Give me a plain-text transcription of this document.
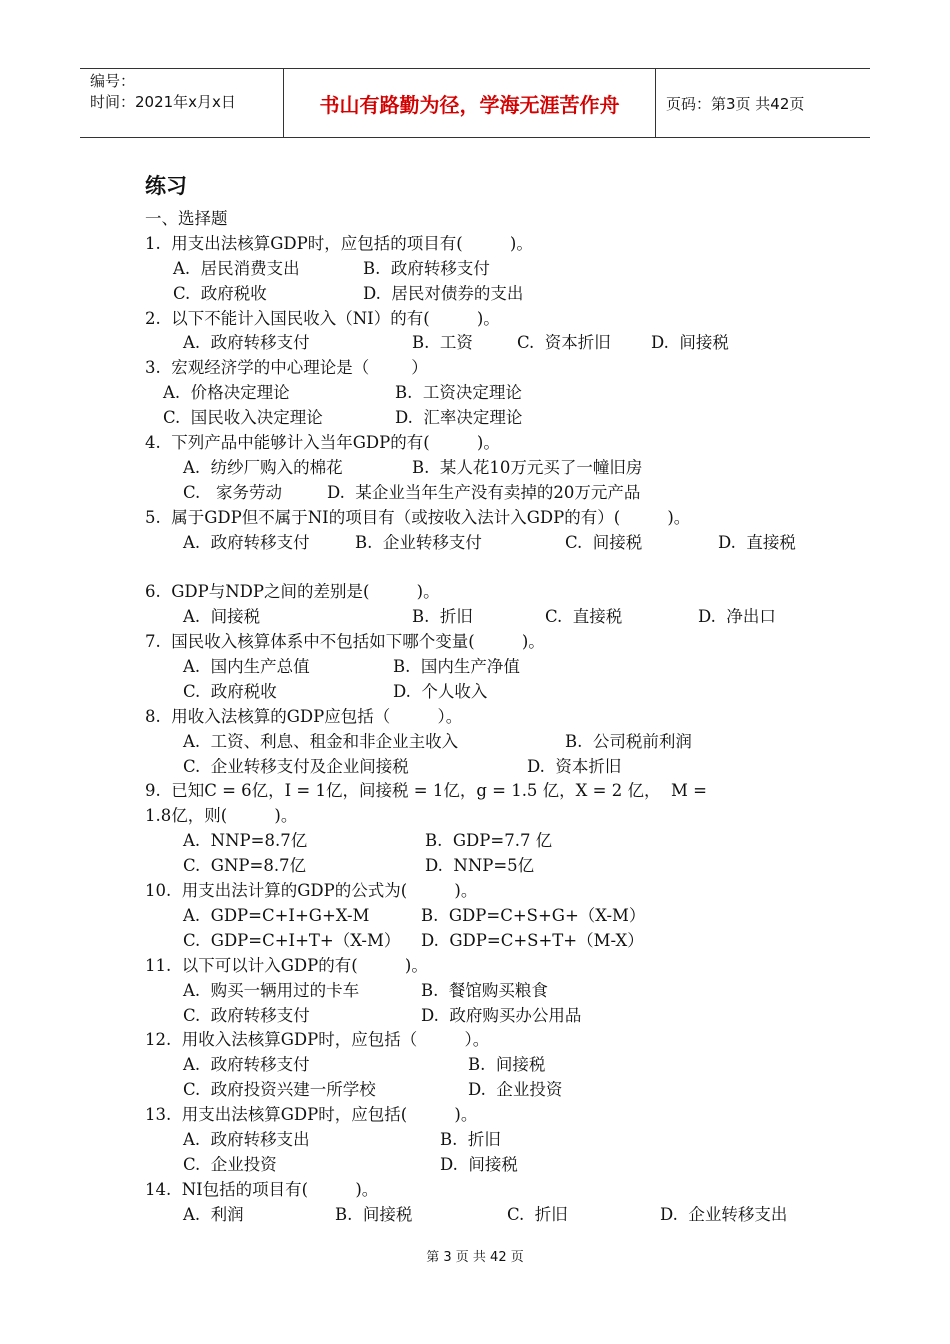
编号：
时间：2021年x月x日	书山有路勤为径，学海无涯苦作舟	页码：第3页 共42页
练习
一、选择题
1.  用支出法核算GDP时，应包括的项目有(         )。
A.  居民消费支出	B.  政府转移支付
C.  政府税收	D.  居民对债券的支出
2.  以下不能计入国民收入（NI）的有(         )。
A.  政府转移支付	B.  工资	C.  资本折旧 D.  间接税
3.  宏观经济学的中心理论是（        ）
A.  价格决定理论	B.  工资决定理论
C.  国民收入决定理论	D.  汇率决定理论
4.  下列产品中能够计入当年GDP的有(         )。
A.  纺纱厂购入的棉花	B.  某人花10万元买了一幢旧房
C.   家务劳动	D.  某企业当年生产没有卖掉的20万元产品
5.  属于GDP但不属于NI的项目有（或按收入法计入GDP的有）(         )。
A.  政府转移支付	B.  企业转移支付	C.  间接税	D.  直接税
6.  GDP与NDP之间的差别是(         )。
A.  间接税	B.  折旧	C.  直接税	D.  净出口
7.  国民收入核算体系中不包括如下哪个变量(         )。
A.  国内生产总值	B.  国内生产净值
C.  政府税收	D.  个人收入
8.  用收入法核算的GDP应包括（         ）。
A.  工资、利息、租金和非企业主收入	B.  公司税前利润
C.  企业转移支付及企业间接税	D.  资本折旧
9.  已知C = 6亿，I = 1亿，间接税 = 1亿，g = 1.5 亿，X = 2 亿，  M =
1.8亿，则(         )。
A.  NNP=8.7亿	B.  GDP=7.7 亿
C.  GNP=8.7亿	D.  NNP=5亿
10.  用支出法计算的GDP的公式为(         )。
A.  GDP=C+I+G+X-M	B.  GDP=C+S+G+（X-M）
C.  GDP=C+I+T+（X-M） D.  GDP=C+S+T+（M-X）
11.  以下可以计入GDP的有(         )。
A.  购买一辆用过的卡车	B.  餐馆购买粮食
C.  政府转移支付	D.  政府购买办公用品
12.  用收入法核算GDP时，应包括（         ）。
A.  政府转移支付	B.  间接税
C.  政府投资兴建一所学校	D.  企业投资
13.  用支出法核算GDP时，应包括(         )。
A.  政府转移支出	B.  折旧
C.  企业投资	D.  间接税
14.  NI包括的项目有(         )。
A.  利润	B.  间接税	C.  折旧	D.  企业转移支出
第 3 页 共 42 页
